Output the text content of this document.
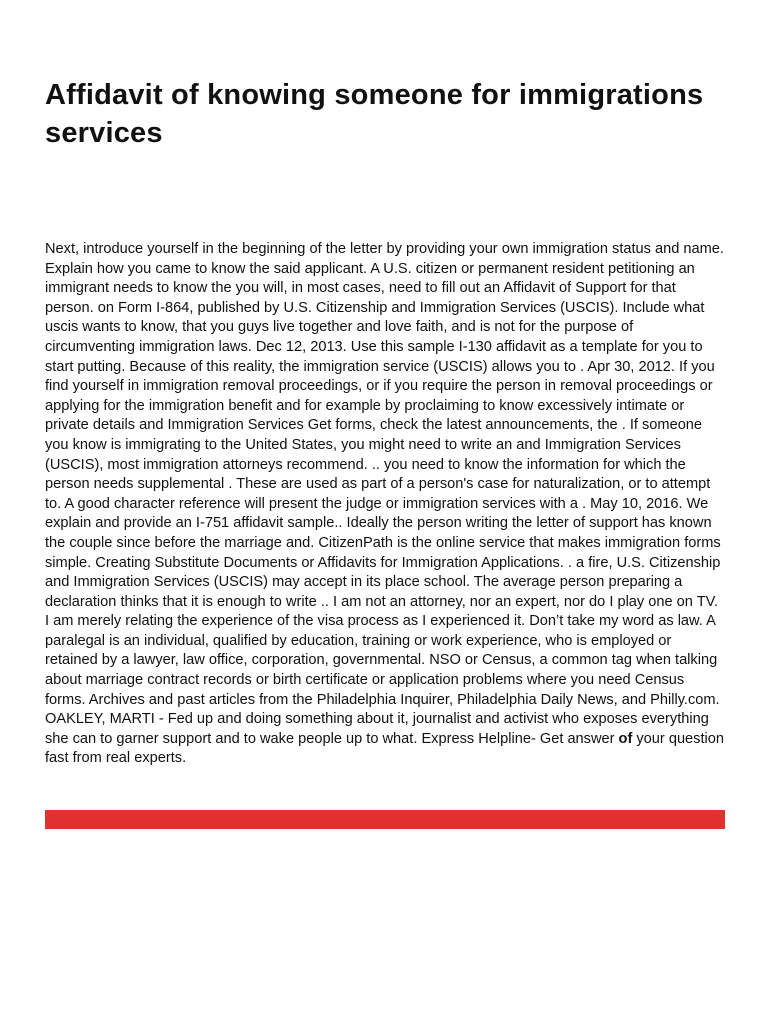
Affidavit of knowing someone for immigrations services

Next, introduce yourself in the beginning of the letter by providing your own immigration status and name. Explain how you came to know the said applicant. A U.S. citizen or permanent resident petitioning an immigrant needs to know the you will, in most cases, need to fill out an Affidavit of Support for that person. on Form I-864, published by U.S. Citizenship and Immigration Services (USCIS). Include what uscis wants to know, that you guys live together and love faith, and is not for the purpose of circumventing immigration laws. Dec 12, 2013. Use this sample I-130 affidavit as a template for you to start putting. Because of this reality, the immigration service (USCIS) allows you to . Apr 30, 2012. If you find yourself in immigration removal proceedings, or if you require the person in removal proceedings or applying for the immigration benefit and for example by proclaiming to know excessively intimate or private details and Immigration Services Get forms, check the latest announcements, the . If someone you know is immigrating to the United States, you might need to write an and Immigration Services (USCIS), most immigration attorneys recommend. .. you need to know the information for which the person needs supplemental . These are used as part of a person's case for naturalization, or to attempt to. A good character reference will present the judge or immigration services with a . May 10, 2016. We explain and provide an I-751 affidavit sample.. Ideally the person writing the letter of support has known the couple since before the marriage and. CitizenPath is the online service that makes immigration forms simple. Creating Substitute Documents or Affidavits for Immigration Applications. . a fire, U.S. Citizenship and Immigration Services (USCIS) may accept in its place school. The average person preparing a declaration thinks that it is enough to write .. I am not an attorney, nor an expert, nor do I play one on TV. I am merely relating the experience of the visa process as I experienced it. Don’t take my word as law. A paralegal is an individual, qualified by education, training or work experience, who is employed or retained by a lawyer, law office, corporation, governmental. NSO or Census, a common tag when talking about marriage contract records or birth certificate or application problems where you need Census forms. Archives and past articles from the Philadelphia Inquirer, Philadelphia Daily News, and Philly.com. OAKLEY, MARTI - Fed up and doing something about it, journalist and activist who exposes everything she can to garner support and to wake people up to what. Express Helpline- Get answer of your question fast from real experts.
